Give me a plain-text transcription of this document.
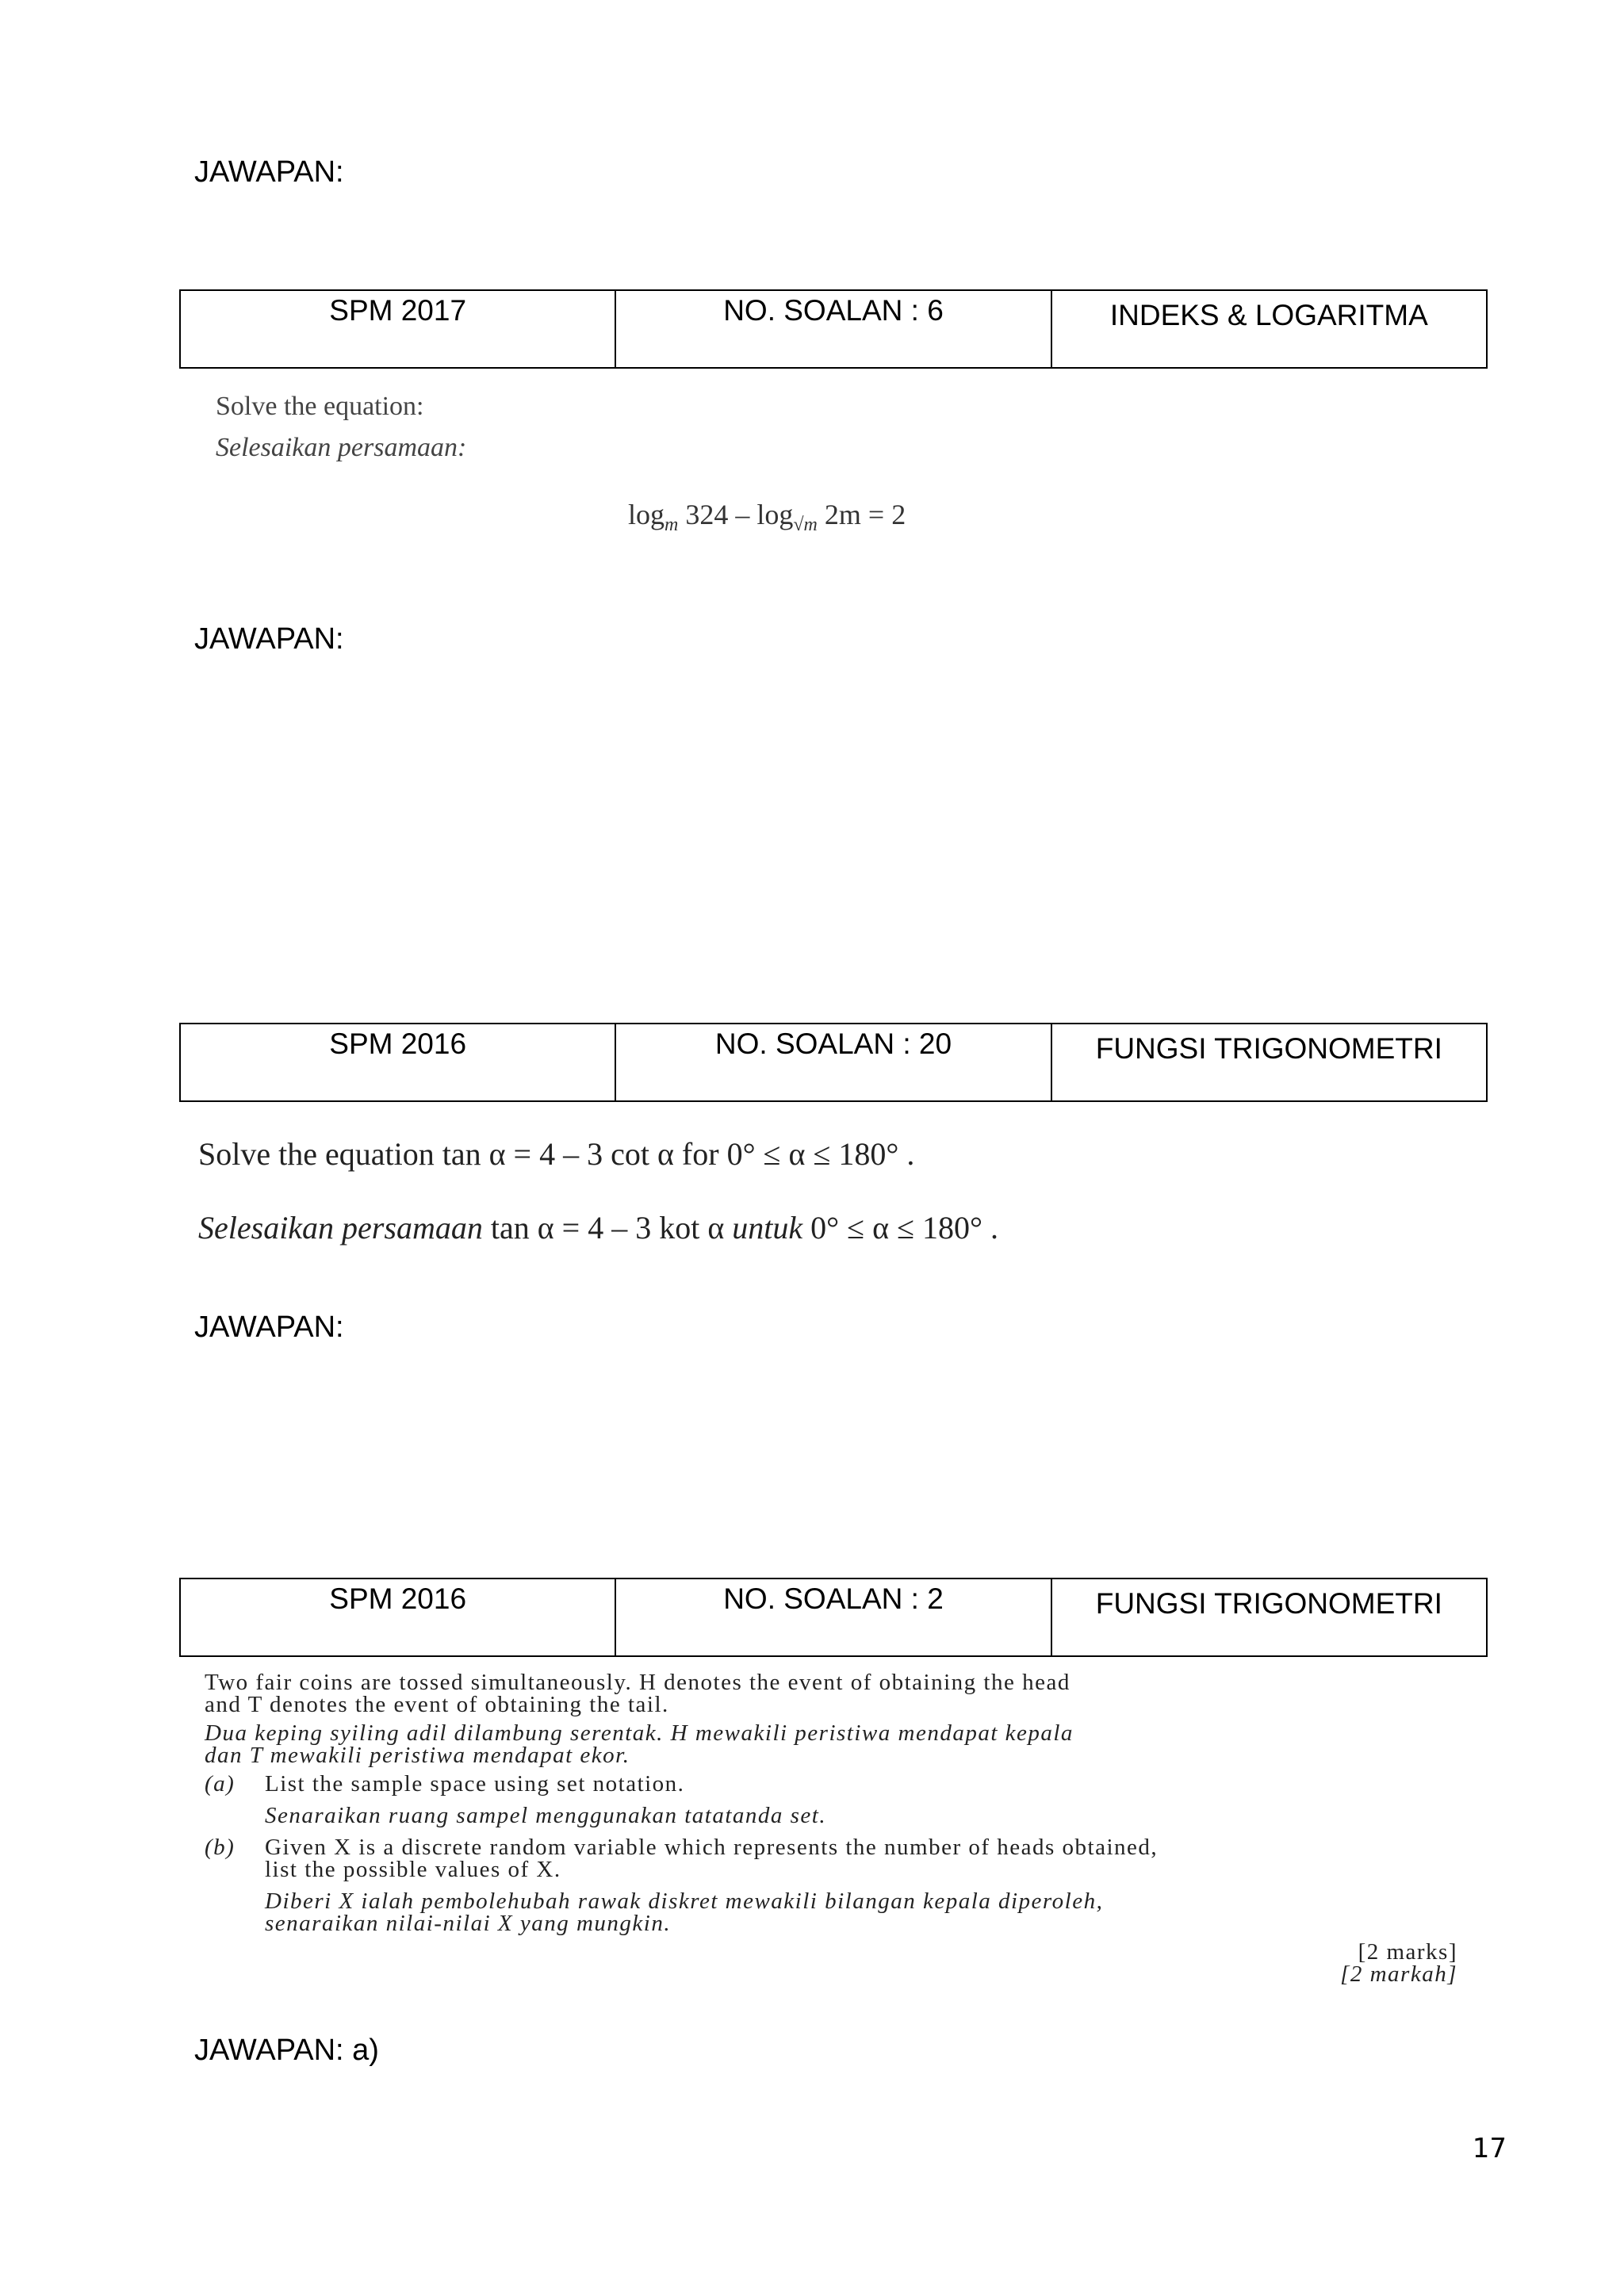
JAWAPAN:
SPM 2017	NO. SOALAN : 6	INDEKS & LOGARITMA
Solve the equation:
Selesaikan persamaan:
$\log_m 324 - \log_{√m} 2m = 2$
JAWAPAN:
SPM 2016	NO. SOALAN : 20	FUNGSI TRIGONOMETRI
Solve the equation tan α = 4 – 3 cot α for 0° ≤ α ≤ 180° .
Selesaikan persamaan tan α = 4 – 3 kot α untuk 0° ≤ α ≤ 180° .
JAWAPAN:
SPM 2016	NO. SOALAN : 2	FUNGSI TRIGONOMETRI

Two fair coins are tossed simultaneously. H denotes the event of obtaining the head

and T denotes the event of obtaining the tail.

Dua keping syiling adil dilambung serentak. H mewakili peristiwa mendapat kepala

dan T mewakili peristiwa mendapat ekor.

(a) List the sample space using set notation.

Senaraikan ruang sampel menggunakan tatatanda set.

(b) Given X is a discrete random variable which represents the number of heads obtained,

list the possible values of X.

Diberi X ialah pembolehubah rawak diskret mewakili bilangan kepala diperoleh,

senaraikan nilai-nilai X yang mungkin.

[2 marks]

[2 markah]

JAWAPAN: a)
17
